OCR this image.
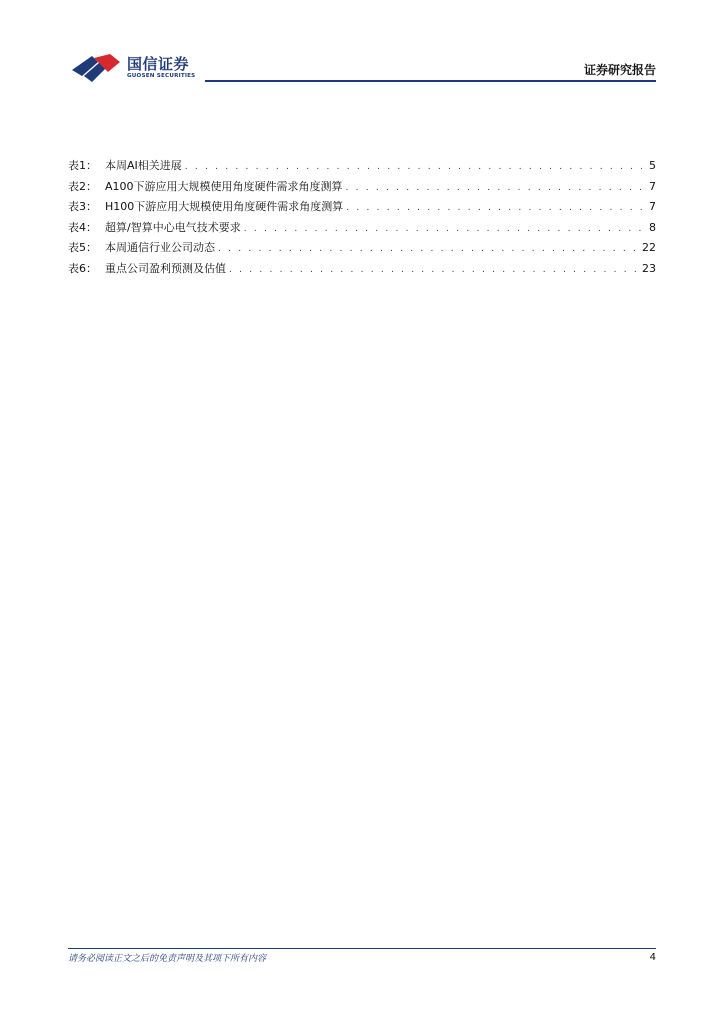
国信证券
GUOSEN SECURITIES	证券研究报告
表1： 本周AI相关进展 . . .	5
表2： A100下游应用大规模使用角度硬件需求角度测算 . . .	7
表3： H100下游应用大规模使用角度硬件需求角度测算 . . .	7
表4： 超算/智算中心电气技术要求 . . .	8
表5： 本周通信行业公司动态 . . .	22
表6： 重点公司盈利预测及估值 . . .	23
请务必阅读正文之后的免责声明及其项下所有内容	4
